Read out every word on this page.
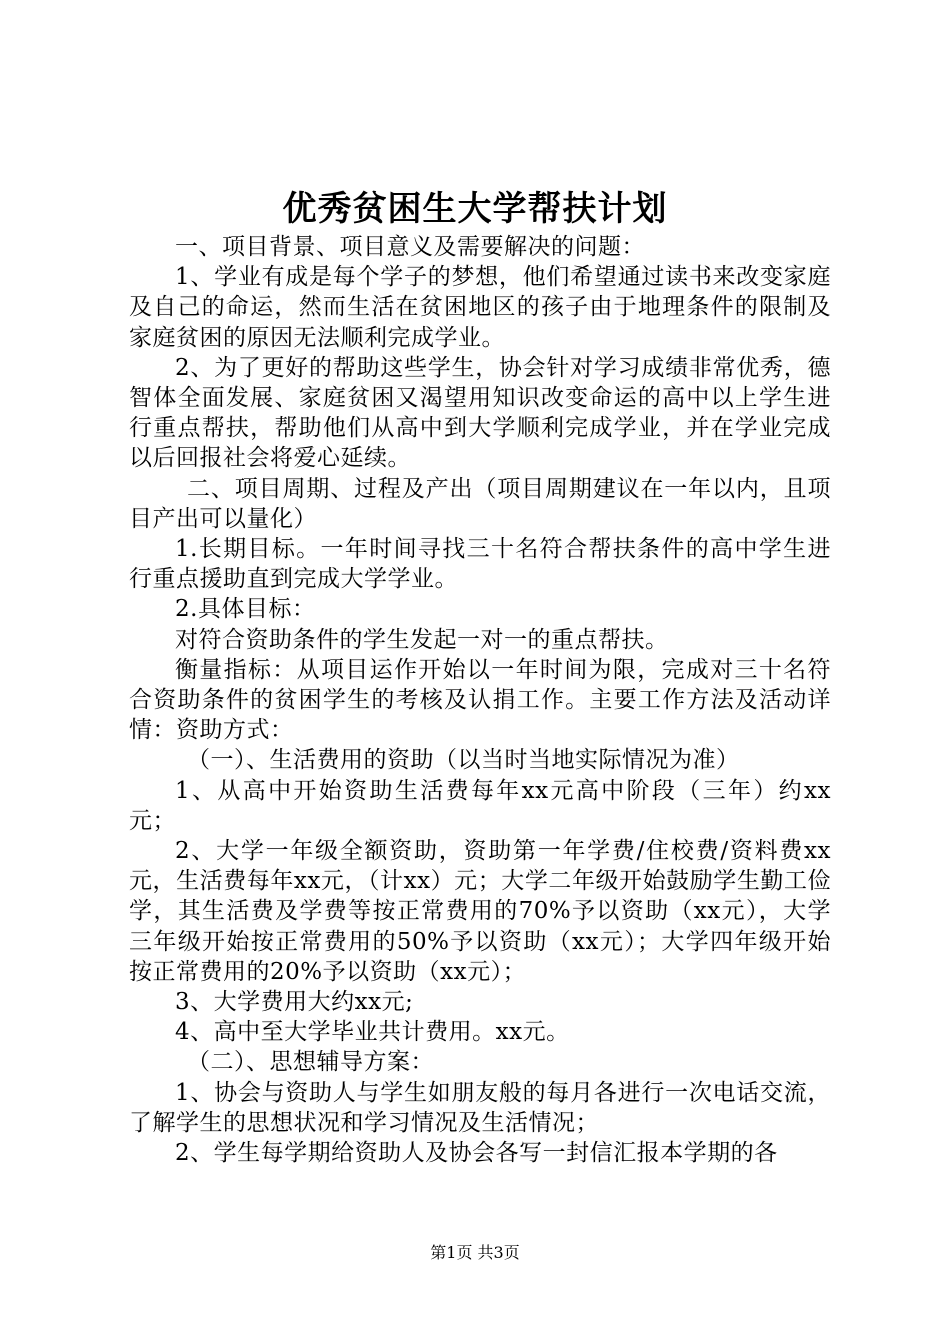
优秀贫困生大学帮扶计划

一、项目背景、项目意义及需要解决的问题：

1、学业有成是每个学子的梦想，他们希望通过读书来改变家庭及自己的命运，然而生活在贫困地区的孩子由于地理条件的限制及家庭贫困的原因无法顺利完成学业。

2、为了更好的帮助这些学生，协会针对学习成绩非常优秀，德智体全面发展、家庭贫困又渴望用知识改变命运的高中以上学生进行重点帮扶，帮助他们从高中到大学顺利完成学业，并在学业完成以后回报社会将爱心延续。

二、项目周期、过程及产出（项目周期建议在一年以内，且项目产出可以量化）

1.长期目标。一年时间寻找三十名符合帮扶条件的高中学生进行重点援助直到完成大学学业。

2.具体目标：

对符合资助条件的学生发起一对一的重点帮扶。

衡量指标：从项目运作开始以一年时间为限，完成对三十名符合资助条件的贫困学生的考核及认捐工作。主要工作方法及活动详情：资助方式：

（一）、生活费用的资助（以当时当地实际情况为准）

1、从高中开始资助生活费每年xx元高中阶段（三年）约xx元；

2、大学一年级全额资助，资助第一年学费/住校费/资料费xx元，生活费每年xx元，（计xx）元；大学二年级开始鼓励学生勤工俭学，其生活费及学费等按正常费用的70%予以资助（xx元），大学三年级开始按正常费用的50%予以资助（xx元）；大学四年级开始按正常费用的20%予以资助（xx元）；

3、大学费用大约xx元;

4、高中至大学毕业共计费用。xx元。

（二）、思想辅导方案：

1、协会与资助人与学生如朋友般的每月各进行一次电话交流，了解学生的思想状况和学习情况及生活情况；

2、学生每学期给资助人及协会各写一封信汇报本学期的各

第1页 共3页
